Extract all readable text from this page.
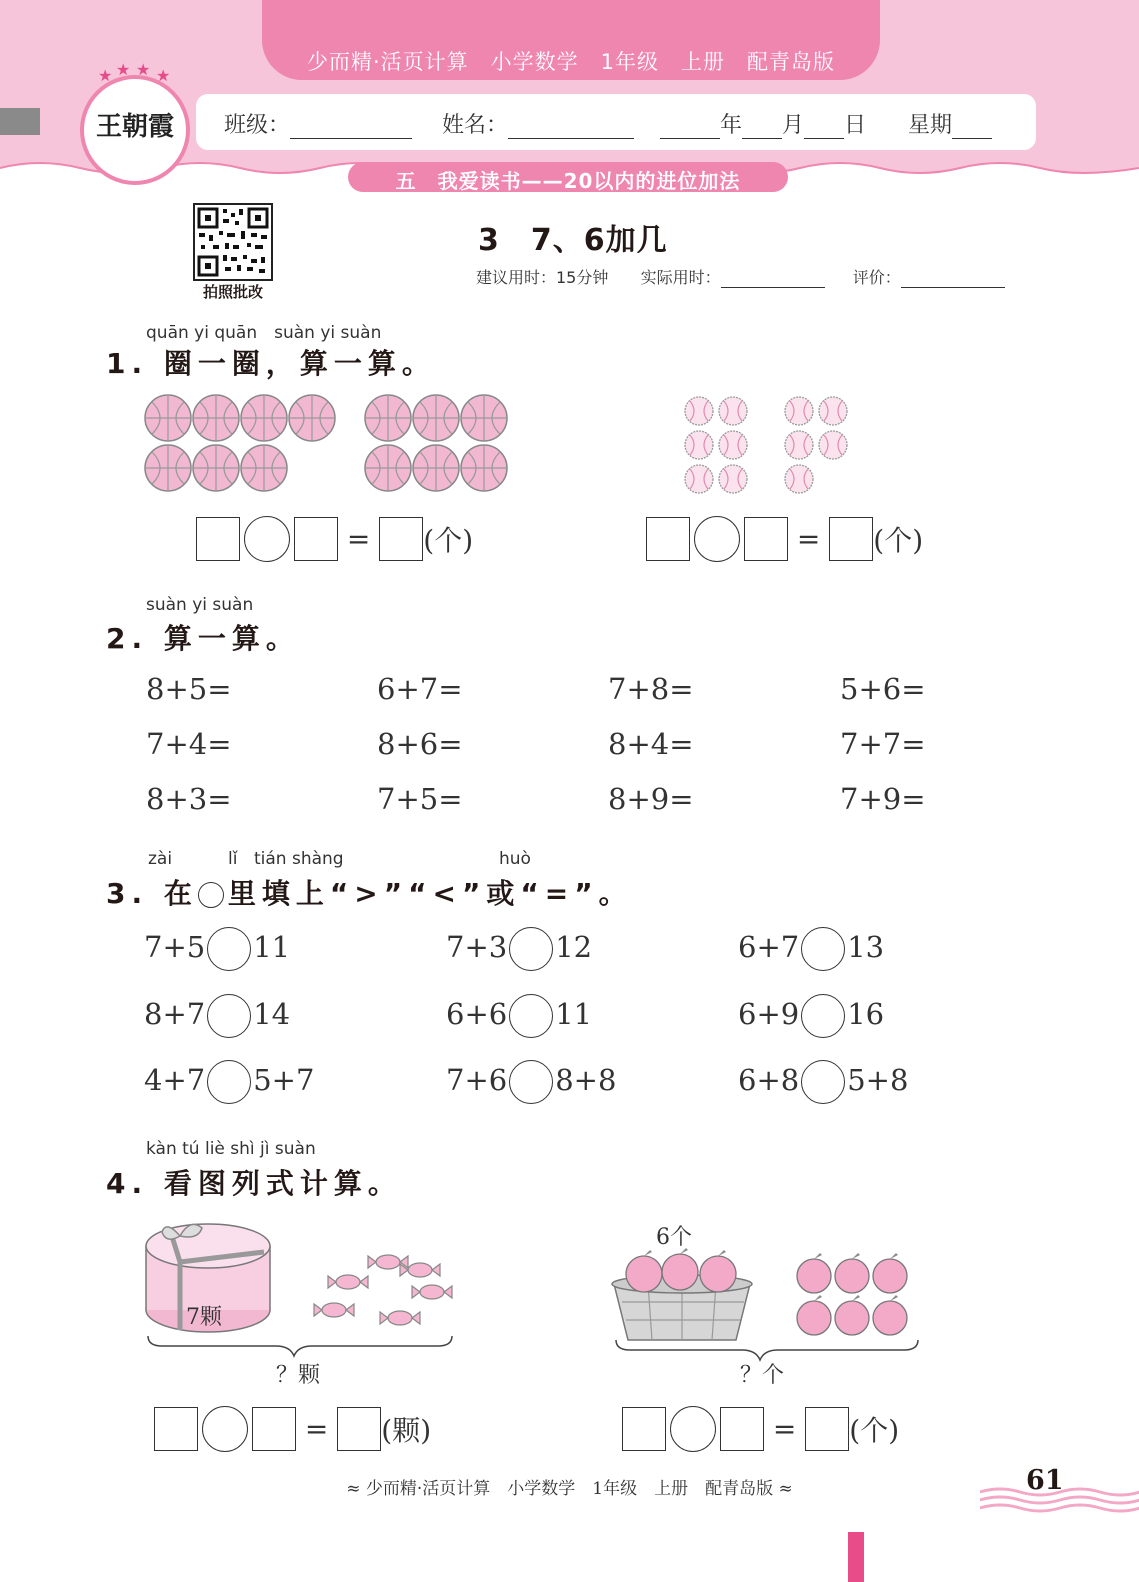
少而精·活页计算　小学数学　1年级　上册　配青岛版
班级：	姓名：	年 月 日 星期
★ ★ ★ ★
王朝霞
五　我爱读书——20以内的进位加法
拍照批改
3　7、6加几
建议用时：15分钟 实际用时：	评价：
quān yi quān　suàn yi suàn
1. 圈一圈，算一算。
= (个)	= (个)
suàn yi suàn
2. 算一算。
8+5=	6+7=	7+8=	5+6=
7+4=	8+6=	8+4=	7+7=
8+3=	7+5=	8+9=	7+9=
zài	lǐ tián shàng	huò
3. 在 里填上“>”“<”或“=”。
7+5 11	7+3 12	6+7 13
8+7 14	6+6 11	6+9 16
4+7 5+7	7+6 8+8	6+8 5+8
kàn tú liè shì jì suàn
4. 看图列式计算。
7颗
？颗
6个
？个
= (颗)	= (个)
≈ 少而精·活页计算　小学数学　1年级　上册　配青岛版 ≈	61
